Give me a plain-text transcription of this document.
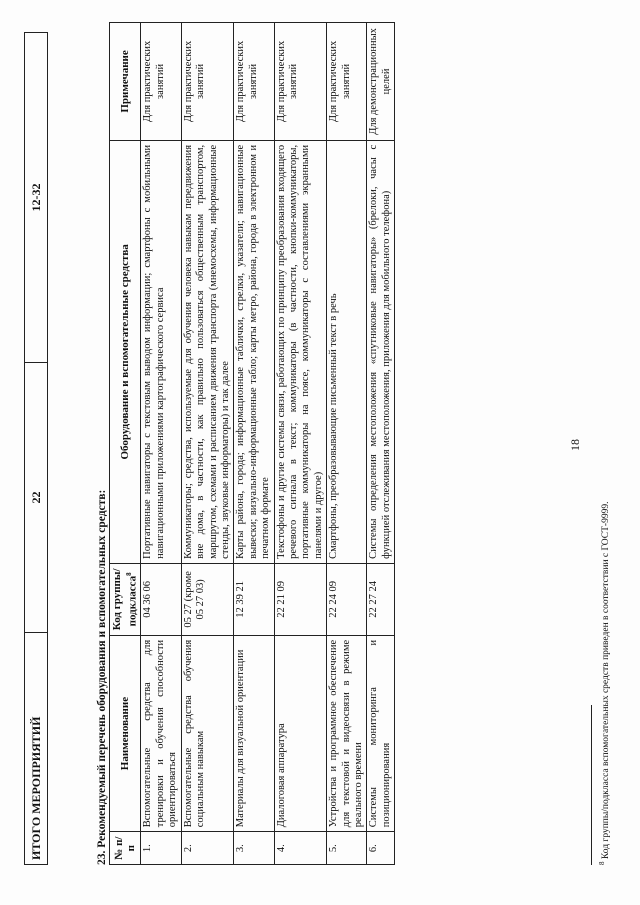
ИТОГО МЕРОПРИЯТИЙ	22	12-32
23. Рекомендуемый перечень оборудования и вспомогательных средств: № п/п	Наименование	Код группы/ подкласса$^8$	Оборудование и вспомогательные средства	Примечание
1.	Вспомогательные средства для тренировки и обучения способности ориентироваться	04 36 06	Портативные навигаторы с текстовым выводом информации; смартфоны с мобильными навигационными приложениями картографического сервиса	Для практических занятий
2.	Вспомогательные средства обучения социальным навыкам	05 27 (кроме 05 27 03)	Коммуникаторы; средства, используемые для обучения человека навыкам передвижения вне дома, в частности, как правильно пользоваться общественным транспортом, маршрутом, схемами и расписанием движения транспорта (мнемосхемы, информационные стенды, звуковые информаторы) и так далее	Для практических занятий
3.	Материалы для визуальной ориентации	12 39 21	Карты района, города; информационные таблички, стрелки, указатели; навигационные вывески; визуально-информационные табло; карты метро, района, города в электронном и печатном формате	Для практических занятий
4.	Диалоговая аппаратура	22 21 09	Текстофоны и другие системы связи, работающих по принципу преобразования входящего речевого сигнала в текст; коммуникаторы (в частности, кнопки-коммуникаторы, портативные коммуникаторы на поясе, коммуникаторы с составлениями экранными панелями и другое)	Для практических занятий
5.	Устройства и программное обеспечение для текстовой и видеосвязи в режиме реального времени	22 24 09	Смартфоны, преобразовывающие письменный текст в речь	Для практических занятий
6.	Системы мониторинга и позиционирования	22 27 24	Системы определения местоположения «спутниковые навигаторы» (брелоки, часы с функцией отслеживания местоположения, приложения для мобильного телефона)	Для демонстрационных целей
18
$^8$ Код группы/подкласса вспомогательных средств приведен в соответствии с ГОСТ-9999.
